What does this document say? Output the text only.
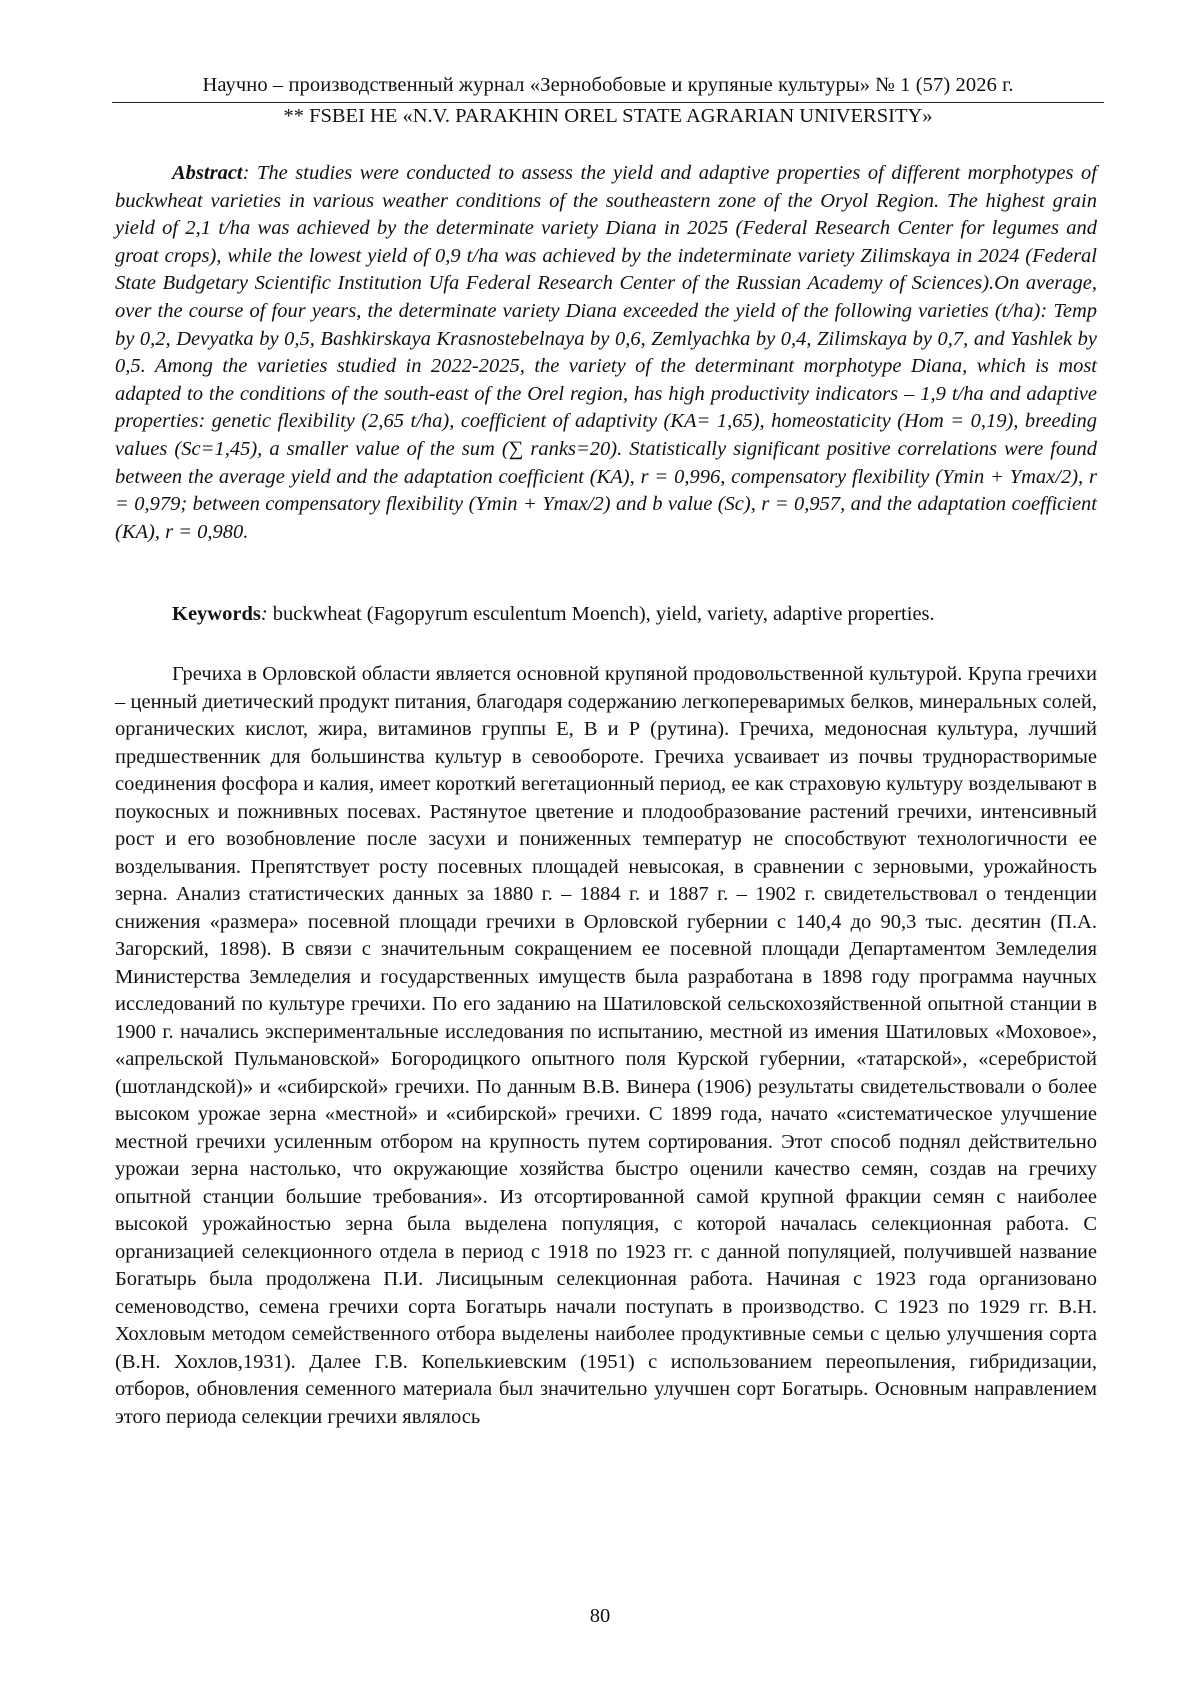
Научно – производственный журнал «Зернобобовые и крупяные культуры» № 1 (57) 2026 г.
** FSBEI HE «N.V. PARAKHIN OREL STATE AGRARIAN UNIVERSITY»

Abstract: The studies were conducted to assess the yield and adaptive properties of different morphotypes of buckwheat varieties in various weather conditions of the southeastern zone of the Oryol Region. The highest grain yield of 2,1 t/ha was achieved by the determinate variety Diana in 2025 (Federal Research Center for legumes and groat crops), while the lowest yield of 0,9 t/ha was achieved by the indeterminate variety Zilimskaya in 2024 (Federal State Budgetary Scientific Institution Ufa Federal Research Center of the Russian Academy of Sciences).On average, over the course of four years, the determinate variety Diana exceeded the yield of the following varieties (t/ha): Temp by 0,2, Devyatka by 0,5, Bashkirskaya Krasnostebelnaya by 0,6, Zemlyachka by 0,4, Zilimskaya by 0,7, and Yashlek by 0,5. Among the varieties studied in 2022-2025, the variety of the determinant morphotype Diana, which is most adapted to the conditions of the south-east of the Orel region, has high productivity indicators – 1,9 t/ha and adaptive properties: genetic flexibility (2,65 t/ha), coefficient of adaptivity (KA= 1,65), homeostaticity (Hom = 0,19), breeding values (Sc=1,45), a smaller value of the sum (∑ ranks=20). Statistically significant positive correlations were found between the average yield and the adaptation coefficient (KA), r = 0,996, compensatory flexibility (Ymin + Ymax/2), r = 0,979; between compensatory flexibility (Ymin + Ymax/2) and b value (Sc), r = 0,957, and the adaptation coefficient (KA), r = 0,980.

Keywords: buckwheat (Fagopyrum esculentum Moench), yield, variety, adaptive properties.

Гречиха в Орловской области является основной крупяной продовольственной культурой. Крупа гречихи – ценный диетический продукт питания, благодаря содержанию легкопереваримых белков, минеральных солей, органических кислот, жира, витаминов группы Е, В и Р (рутина). Гречиха, медоносная культура, лучший предшественник для большинства культур в севообороте. Гречиха усваивает из почвы труднорастворимые соединения фосфора и калия, имеет короткий вегетационный период, ее как страховую культуру возделывают в поукосных и пожнивных посевах. Растянутое цветение и плодообразование растений гречихи, интенсивный рост и его возобновление после засухи и пониженных температур не способствуют технологичности ее возделывания. Препятствует росту посевных площадей невысокая, в сравнении с зерновыми, урожайность зерна. Анализ статистических данных за 1880 г. – 1884 г. и 1887 г. – 1902 г. свидетельствовал о тенденции снижения «размера» посевной площади гречихи в Орловской губернии с 140,4 до 90,3 тыс. десятин (П.А. Загорский, 1898). В связи с значительным сокращением ее посевной площади Департаментом Земледелия Министерства Земледелия и государственных имуществ была разработана в 1898 году программа научных исследований по культуре гречихи. По его заданию на Шатиловской сельскохозяйственной опытной станции в 1900 г. начались экспериментальные исследования по испытанию, местной из имения Шатиловых «Моховое», «апрельской Пульмановской» Богородицкого опытного поля Курской губернии, «татарской», «серебристой (шотландской)» и «сибирской» гречихи. По данным В.В. Винера (1906) результаты свидетельствовали о более высоком урожае зерна «местной» и «сибирской» гречихи. С 1899 года, начато «систематическое улучшение местной гречихи усиленным отбором на крупность путем сортирования. Этот способ поднял действительно урожаи зерна настолько, что окружающие хозяйства быстро оценили качество семян, создав на гречиху опытной станции большие требования». Из отсортированной самой крупной фракции семян с наиболее высокой урожайностью зерна была выделена популяция, с которой началась селекционная работа. С организацией селекционного отдела в период с 1918 по 1923 гг. с данной популяцией, получившей название Богатырь была продолжена П.И. Лисицыным селекционная работа. Начиная с 1923 года организовано семеноводство, семена гречихи сорта Богатырь начали поступать в производство. С 1923 по 1929 гг. В.Н. Хохловым методом семейственного отбора выделены наиболее продуктивные семьи с целью улучшения сорта (В.Н. Хохлов,1931). Далее Г.В. Копелькиевским (1951) с использованием переопыления, гибридизации, отборов, обновления семенного материала был значительно улучшен сорт Богатырь. Основным направлением этого периода селекции гречихи являлось

80
